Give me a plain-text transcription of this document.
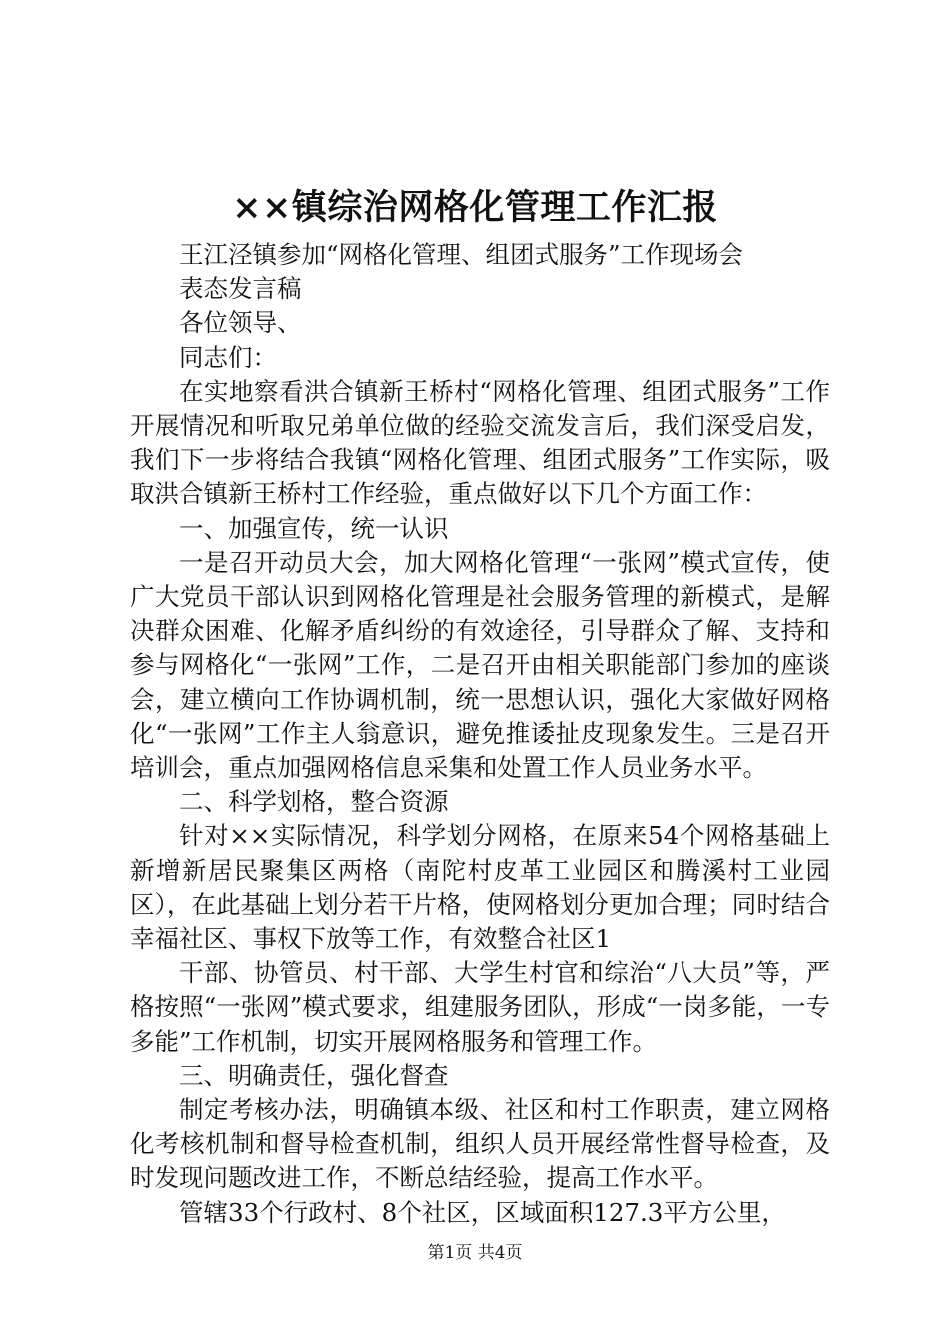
××镇综治网格化管理工作汇报

王江泾镇参加“网格化管理、组团式服务”工作现场会

表态发言稿

各位领导、

同志们：

在实地察看洪合镇新王桥村“网格化管理、组团式服务”工作开展情况和听取兄弟单位做的经验交流发言后，我们深受启发，我们下一步将结合我镇“网格化管理、组团式服务”工作实际，吸取洪合镇新王桥村工作经验，重点做好以下几个方面工作：

一、加强宣传，统一认识

一是召开动员大会，加大网格化管理“一张网”模式宣传，使广大党员干部认识到网格化管理是社会服务管理的新模式，是解决群众困难、化解矛盾纠纷的有效途径，引导群众了解、支持和参与网格化“一张网”工作，二是召开由相关职能部门参加的座谈会，建立横向工作协调机制，统一思想认识，强化大家做好网格化“一张网”工作主人翁意识，避免推诿扯皮现象发生。三是召开培训会，重点加强网格信息采集和处置工作人员业务水平。

二、科学划格，整合资源

针对××实际情况，科学划分网格，在原来54个网格基础上新增新居民聚集区两格（南陀村皮革工业园区和腾溪村工业园区），在此基础上划分若干片格，使网格划分更加合理；同时结合幸福社区、事权下放等工作，有效整合社区1

干部、协管员、村干部、大学生村官和综治“八大员”等，严格按照“一张网”模式要求，组建服务团队，形成“一岗多能，一专多能”工作机制，切实开展网格服务和管理工作。

三、明确责任，强化督查

制定考核办法，明确镇本级、社区和村工作职责，建立网格化考核机制和督导检查机制，组织人员开展经常性督导检查，及时发现问题改进工作，不断总结经验，提高工作水平。

管辖33个行政村、8个社区，区域面积127.3平方公里，

第1页 共4页
